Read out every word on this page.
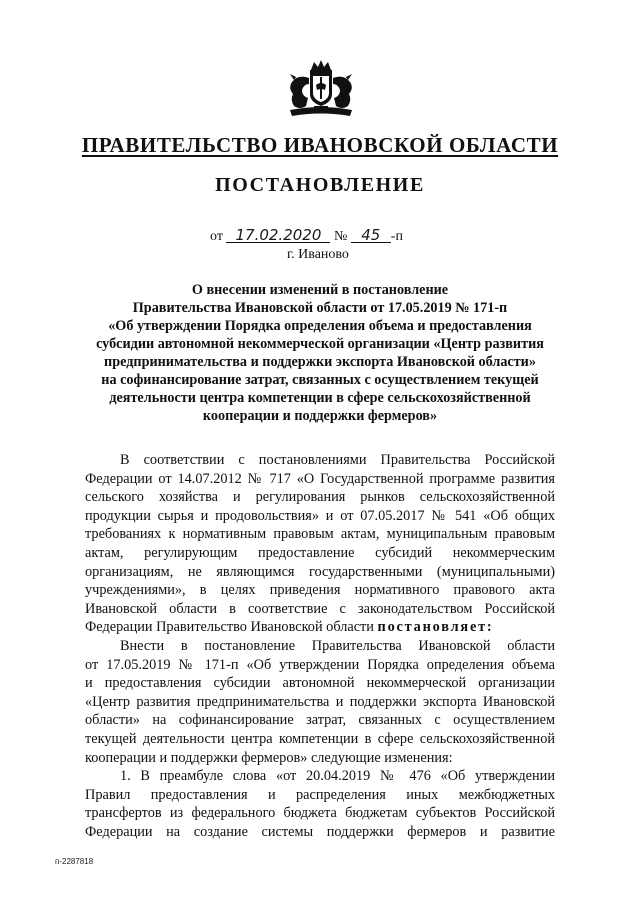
ПРАВИТЕЛЬСТВО ИВАНОВСКОЙ ОБЛАСТИ
ПОСТАНОВЛЕНИЕ
от 17.02.2020 № 45 -п
г. Иваново
О внесении изменений в постановление
Правительства Ивановской области от 17.05.2019 № 171-п
«Об утверждении Порядка определения объема и предоставления
субсидии автономной некоммерческой организации «Центр развития
предпринимательства и поддержки экспорта Ивановской области»
на софинансирование затрат, связанных с осуществлением текущей
деятельности центра компетенции в сфере сельскохозяйственной
кооперации и поддержки фермеров»
В соответствии с постановлениями Правительства Российской
Федерации от 14.07.2012 № 717 «О Государственной программе развития
сельского хозяйства и регулирования рынков сельскохозяйственной
продукции сырья и продовольствия» и от 07.05.2017 № 541 «Об общих
требованиях к нормативным правовым актам, муниципальным правовым
актам, регулирующим предоставление субсидий некоммерческим
организациям, не являющимся государственными (муниципальными)
учреждениями», в целях приведения нормативного правового акта
Ивановской области в соответствие с законодательством Российской
Федерации Правительство Ивановской области постановляет:
Внести в постановление Правительства Ивановской области
от 17.05.2019 № 171-п «Об утверждении Порядка определения объема
и предоставления субсидии автономной некоммерческой организации
«Центр развития предпринимательства и поддержки экспорта Ивановской
области» на софинансирование затрат, связанных с осуществлением
текущей деятельности центра компетенции в сфере сельскохозяйственной
кооперации и поддержки фермеров» следующие изменения:
1. В преамбуле слова «от 20.04.2019 № 476 «Об утверждении
Правил предоставления и распределения иных межбюджетных
трансфертов из федерального бюджета бюджетам субъектов Российской
Федерации на создание системы поддержки фермеров и развитие
п-2287818
